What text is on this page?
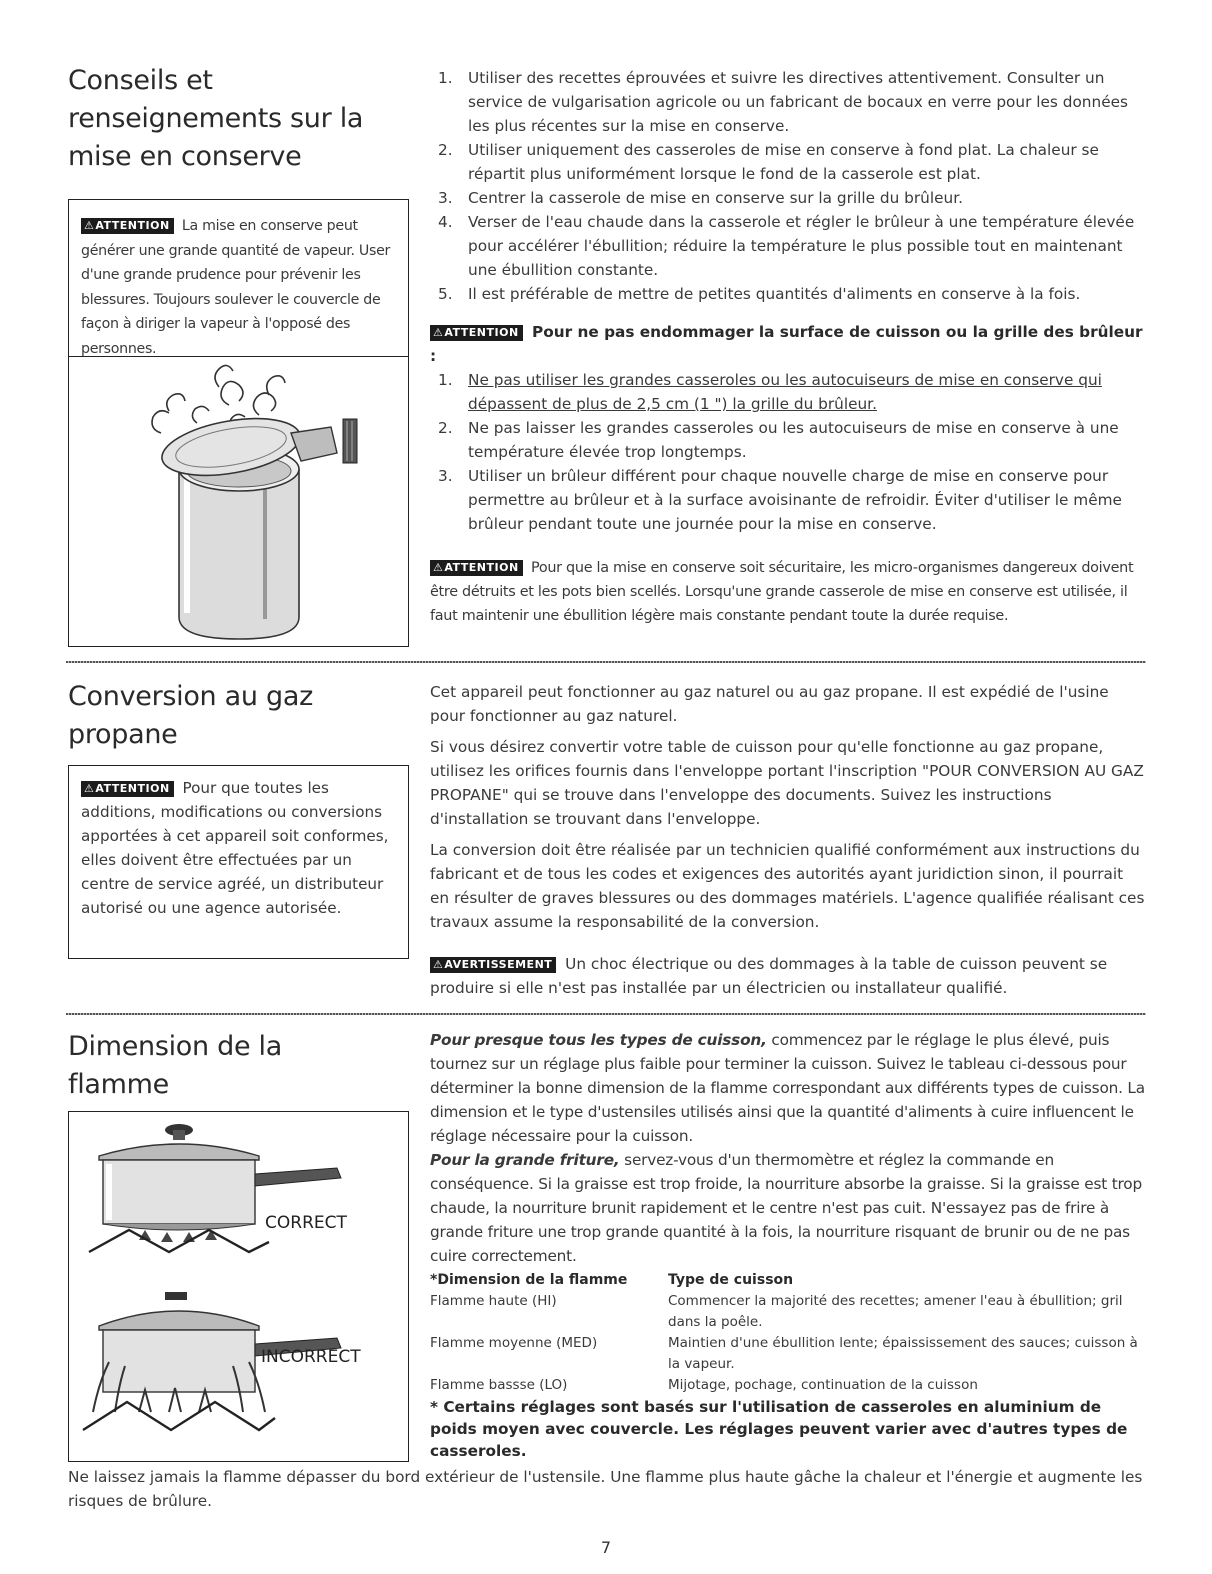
Conseils et
renseignements sur la
mise en conserve
⚠ATTENTION La mise en conserve peut générer une grande quantité de vapeur. User d'une grande prudence pour prévenir les blessures. Toujours soulever le couvercle de façon à diriger la vapeur à l'opposé des personnes.
1. Utiliser des recettes éprouvées et suivre les directives attentivement. Consulter un service de vulgarisation agricole ou un fabricant de bocaux en verre pour les données les plus récentes sur la mise en conserve.
2. Utiliser uniquement des casseroles de mise en conserve à fond plat. La chaleur se répartit plus uniformément lorsque le fond de la casserole est plat.
3. Centrer la casserole de mise en conserve sur la grille du brûleur.
4. Verser de l'eau chaude dans la casserole et régler le brûleur à une température élevée pour accélérer l'ébullition; réduire la température le plus possible tout en maintenant une ébullition constante.
5. Il est préférable de mettre de petites quantités d'aliments en conserve à la fois.
⚠ATTENTION Pour ne pas endommager la surface de cuisson ou la grille des brûleur :
1. Ne pas utiliser les grandes casseroles ou les autocuiseurs de mise en conserve qui dépassent de plus de 2,5 cm (1 ") la grille du brûleur.
2. Ne pas laisser les grandes casseroles ou les autocuiseurs de mise en conserve à une température élevée trop longtemps.
3. Utiliser un brûleur différent pour chaque nouvelle charge de mise en conserve pour permettre au brûleur et à la surface avoisinante de refroidir. Éviter d'utiliser le même brûleur pendant toute une journée pour la mise en conserve.
⚠ATTENTION Pour que la mise en conserve soit sécuritaire, les micro-organismes dangereux doivent être détruits et les pots bien scellés. Lorsqu'une grande casserole de mise en conserve est utilisée, il faut maintenir une ébullition légère mais constante pendant toute la durée requise.
Conversion au gaz
propane
⚠ATTENTION Pour que toutes les additions, modifications ou conversions apportées à cet appareil soit conformes, elles doivent être effectuées par un centre de service agréé, un distributeur autorisé ou une agence autorisée.

Cet appareil peut fonctionner au gaz naturel ou au gaz propane. Il est expédié de l'usine pour fonctionner au gaz naturel.

Si vous désirez convertir votre table de cuisson pour qu'elle fonctionne au gaz propane, utilisez les orifices fournis dans l'enveloppe portant l'inscription "POUR CONVERSION AU GAZ PROPANE" qui se trouve dans l'enveloppe des documents. Suivez les instructions d'installation se trouvant dans l'enveloppe.

La conversion doit être réalisée par un technicien qualifié conformément aux instructions du fabricant et de tous les codes et exigences des autorités ayant juridiction sinon, il pourrait en résulter de graves blessures ou des dommages matériels. L'agence qualifiée réalisant ces travaux assume la responsabilité de la conversion.

⚠AVERTISSEMENT Un choc électrique ou des dommages à la table de cuisson peuvent se produire si elle n'est pas installée par un électricien ou installateur qualifié.
Dimension de la
flamme
CORRECT
INCORRECT

Pour presque tous les types de cuisson, commencez par le réglage le plus élevé, puis tournez sur un réglage plus faible pour terminer la cuisson. Suivez le tableau ci-dessous pour déterminer la bonne dimension de la flamme correspondant aux différents types de cuisson. La dimension et le type d'ustensiles utilisés ainsi que la quantité d'aliments à cuire influencent le réglage nécessaire pour la cuisson.

Pour la grande friture, servez-vous d'un thermomètre et réglez la commande en conséquence. Si la graisse est trop froide, la nourriture absorbe la graisse. Si la graisse est trop chaude, la nourriture brunit rapidement et le centre n'est pas cuit. N'essayez pas de frire à grande friture une trop grande quantité à la fois, la nourriture risquant de brunir ou de ne pas cuire correctement.

*Dimension de la flamme	Type de cuisson
Flamme haute (HI)	Commencer la majorité des recettes; amener l'eau à ébullition; gril dans la poêle.
Flamme moyenne (MED)	Maintien d'une ébullition lente; épaississement des sauces; cuisson à la vapeur.
Flamme bassse (LO)	Mijotage, pochage, continuation de la cuisson

* Certains réglages sont basés sur l'utilisation de casseroles en aluminium de poids moyen avec couvercle. Les réglages peuvent varier avec d'autres types de casseroles.

Ne laissez jamais la flamme dépasser du bord extérieur de l'ustensile. Une flamme plus haute gâche la chaleur et l'énergie et augmente les risques de brûlure.
7
